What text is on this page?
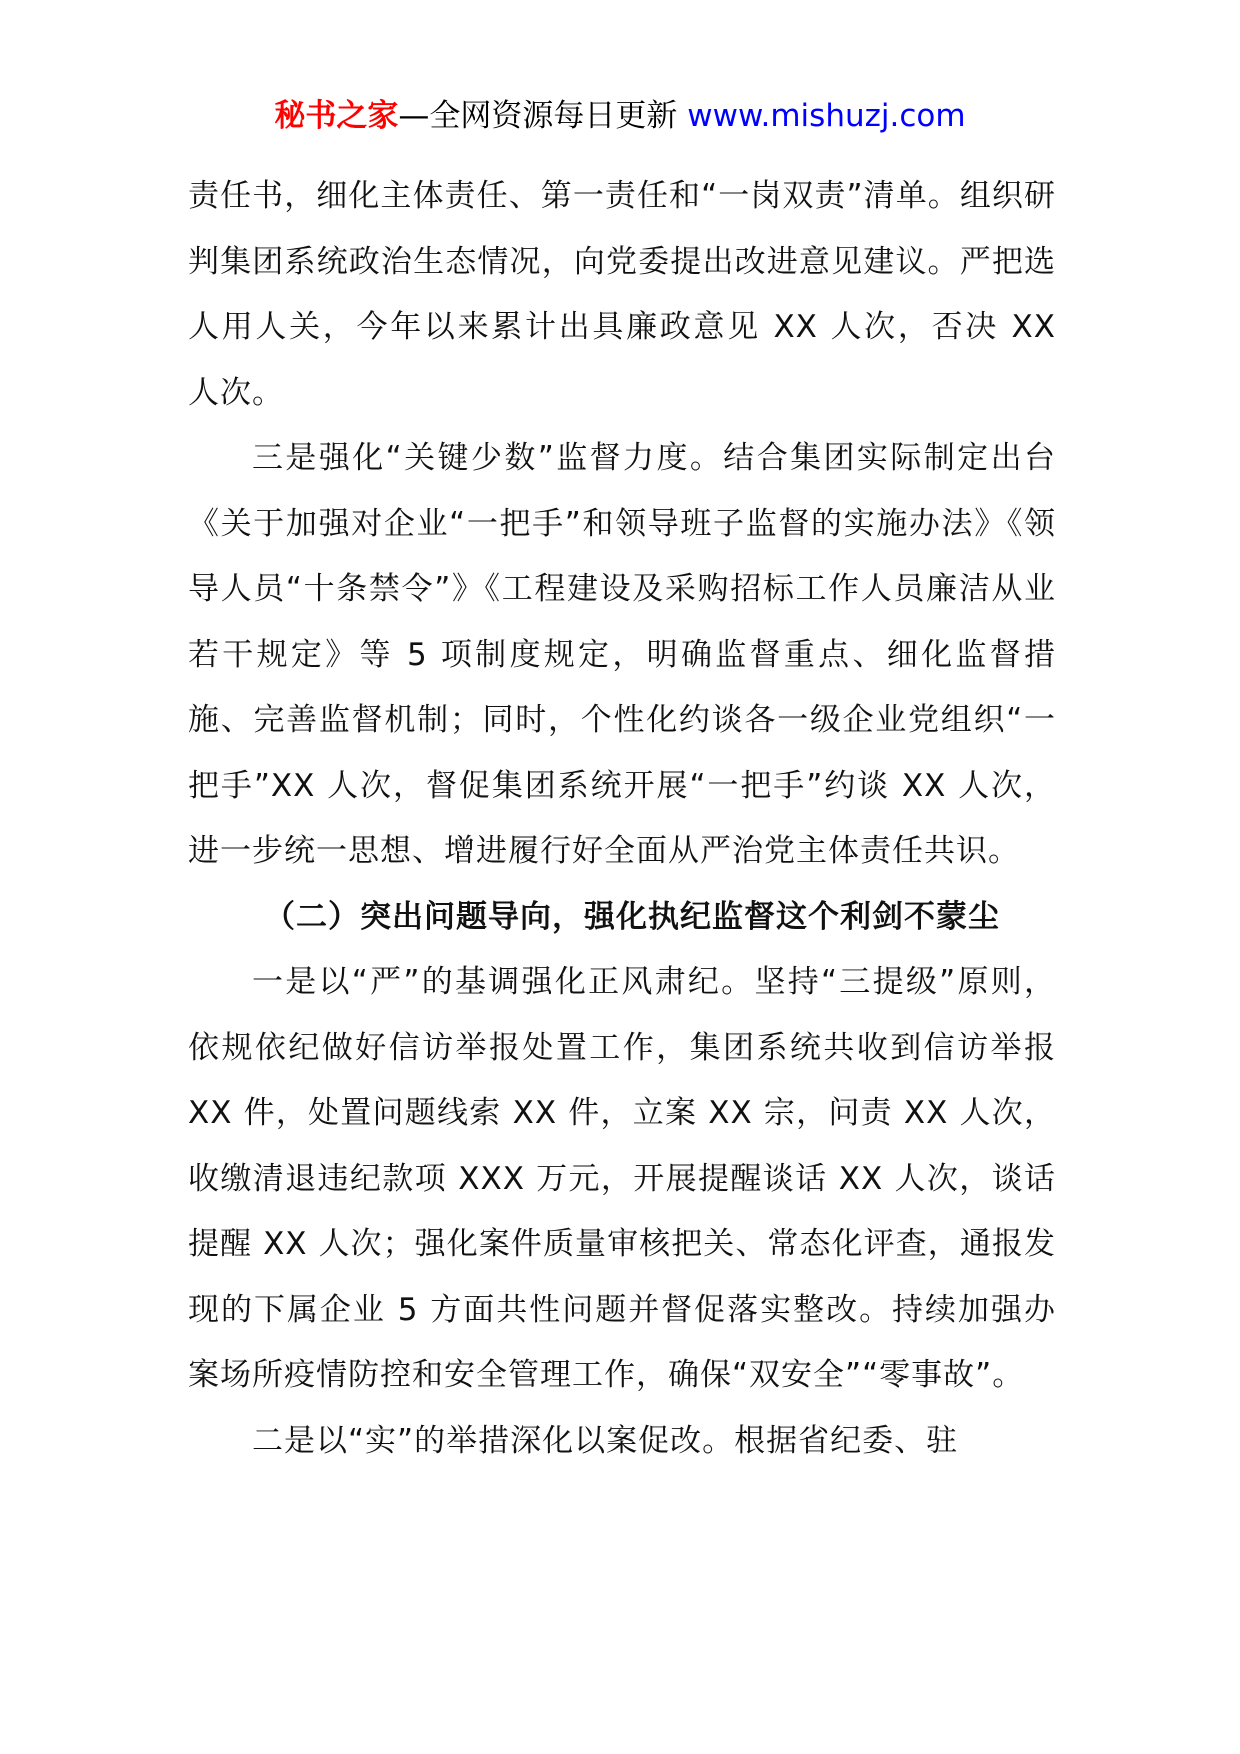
秘书之家—全网资源每日更新 www.mishuzj.com

责任书，细化主体责任、第一责任和“一岗双责”清单。组织研判集团系统政治生态情况，向党委提出改进意见建议。严把选人用人关，今年以来累计出具廉政意见 XX 人次，否决 XX 人次。

三是强化“关键少数”监督力度。结合集团实际制定出台《关于加强对企业“一把手”和领导班子监督的实施办法》《领导人员“十条禁令”》《工程建设及采购招标工作人员廉洁从业若干规定》等 5 项制度规定，明确监督重点、细化监督措施、完善监督机制；同时，个性化约谈各一级企业党组织“一把手”XX 人次，督促集团系统开展“一把手”约谈 XX 人次，进一步统一思想、增进履行好全面从严治党主体责任共识。

（二）突出问题导向，强化执纪监督这个利剑不蒙尘

一是以“严”的基调强化正风肃纪。坚持“三提级”原则，依规依纪做好信访举报处置工作，集团系统共收到信访举报 XX 件，处置问题线索 XX 件，立案 XX 宗，问责 XX 人次，收缴清退违纪款项 XXX 万元，开展提醒谈话 XX 人次，谈话提醒 XX 人次；强化案件质量审核把关、常态化评查，通报发现的下属企业 5 方面共性问题并督促落实整改。持续加强办案场所疫情防控和安全管理工作，确保“双安全”“零事故”。

二是以“实”的举措深化以案促改。根据省纪委、驻
